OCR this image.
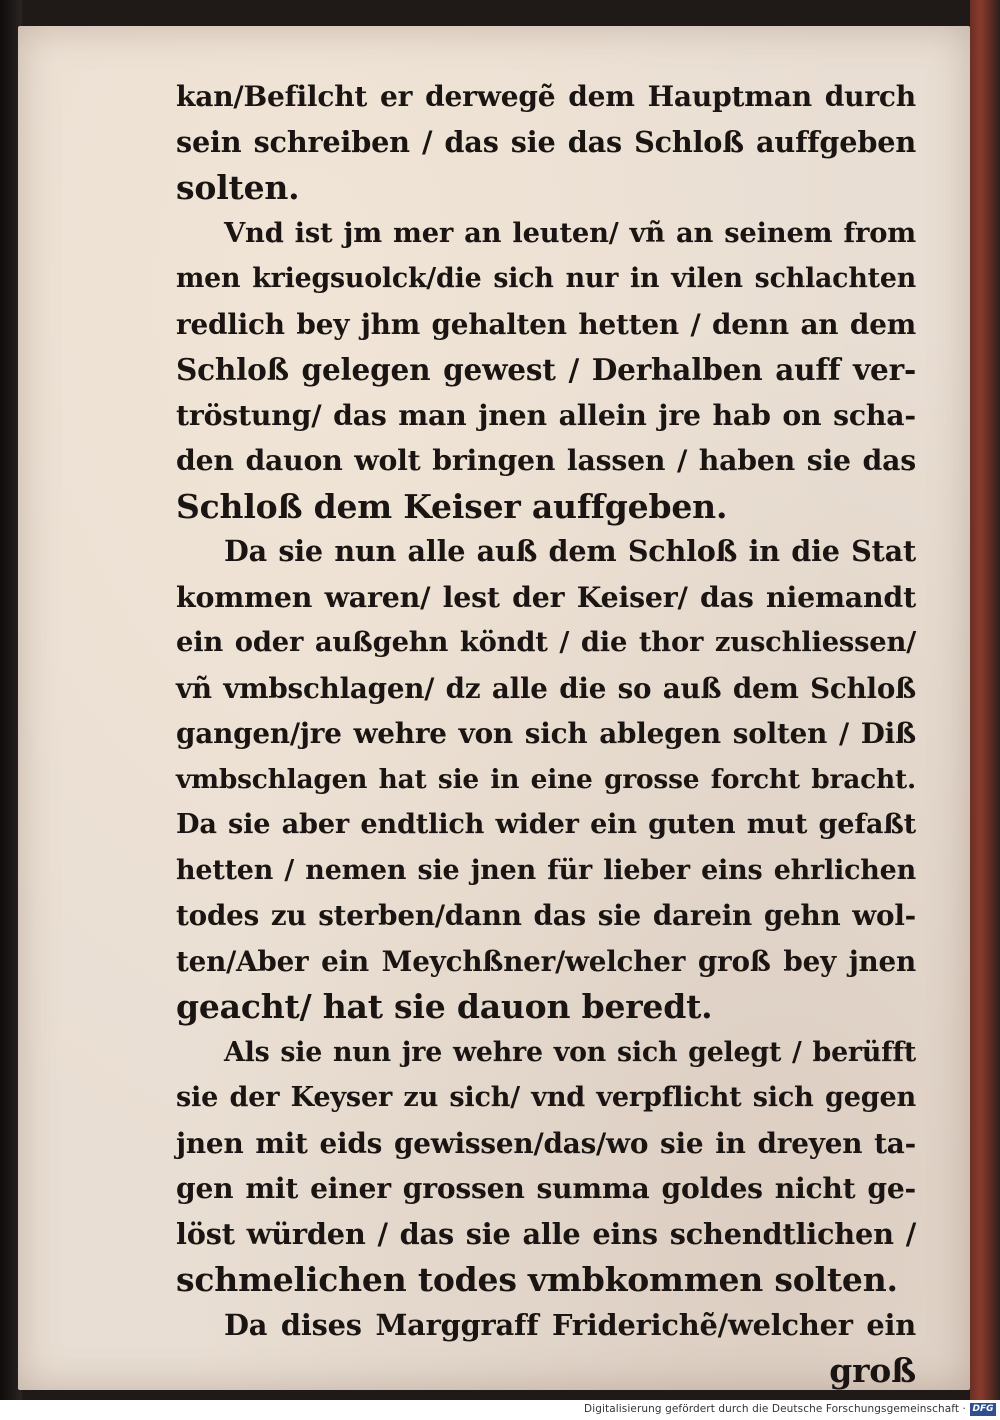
kan/Befilcht er derwegẽ dem Hauptman durch
sein schreiben / das sie das Schloß auffgeben
solten.
Vnd ist jm mer an leuten/ vñ an seinem from
men kriegsuolck/die sich nur in vilen schlachten
redlich bey jhm gehalten hetten / denn an dem
Schloß gelegen gewest / Derhalben auff ver-
tröstung/ das man jnen allein jre hab on scha-
den dauon wolt bringen lassen / haben sie das
Schloß dem Keiser auffgeben.
Da sie nun alle auß dem Schloß in die Stat
kommen waren/ lest der Keiser/ das niemandt
ein oder außgehn köndt / die thor zuschliessen/
vñ vmbschlagen/ dz alle die so auß dem Schloß
gangen/jre wehre von sich ablegen solten / Diß
vmbschlagen hat sie in eine grosse forcht bracht.
Da sie aber endtlich wider ein guten mut gefaßt
hetten / nemen sie jnen für lieber eins ehrlichen
todes zu sterben/dann das sie darein gehn wol-
ten/Aber ein Meychßner/welcher groß bey jnen
geacht/ hat sie dauon beredt.
Als sie nun jre wehre von sich gelegt / berüfft
sie der Keyser zu sich/ vnd verpflicht sich gegen
jnen mit eids gewissen/das/wo sie in dreyen ta-
gen mit einer grossen summa goldes nicht ge-
löst würden / das sie alle eins schendtlichen /
schmelichen todes vmbkommen solten.
Da dises Marggraff Friderichẽ/welcher ein
groß
Digitalisierung gefördert durch die Deutsche Forschungsgemeinschaft · DFG
